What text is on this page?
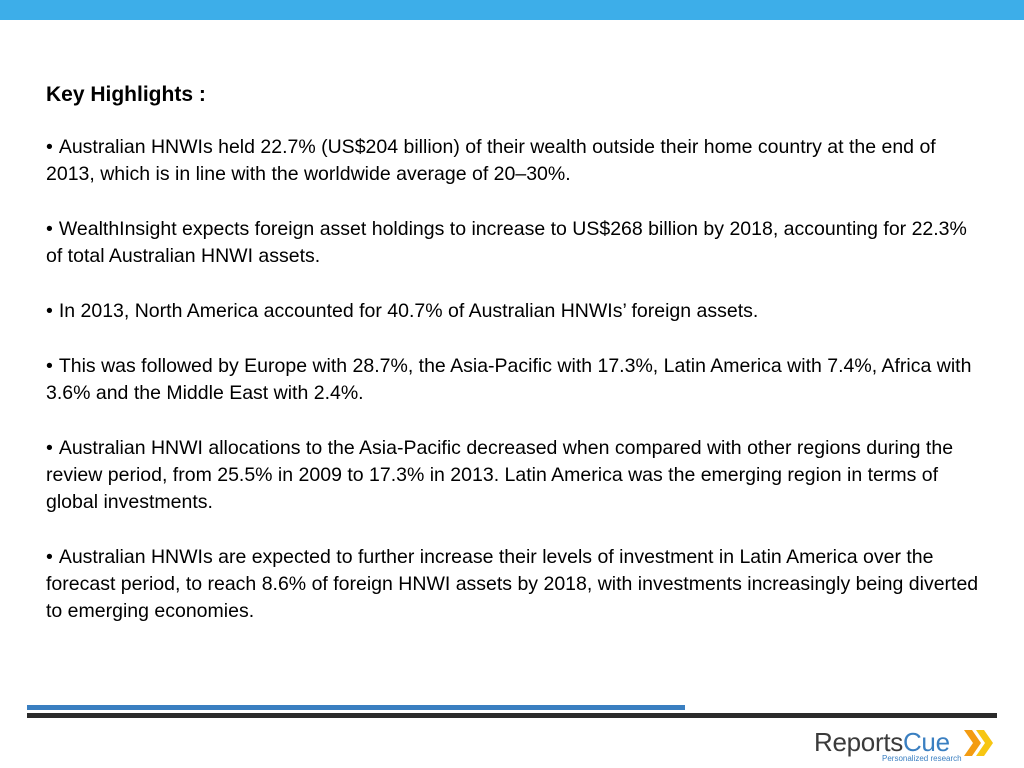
Key Highlights :
• Australian HNWIs held 22.7% (US$204 billion) of their wealth outside their home country at the end of 2013, which is in line with the worldwide average of 20–30%.
• WealthInsight expects foreign asset holdings to increase to US$268 billion by 2018, accounting for 22.3% of total Australian HNWI assets.
• In 2013, North America accounted for 40.7% of Australian HNWIs’ foreign assets.
• This was followed by Europe with 28.7%, the Asia-Pacific with 17.3%, Latin America with 7.4%, Africa with 3.6% and the Middle East with 2.4%.
• Australian HNWI allocations to the Asia-Pacific decreased when compared with other regions during the review period, from 25.5% in 2009 to 17.3% in 2013. Latin America was the emerging region in terms of global investments.
• Australian HNWIs are expected to further increase their levels of investment in Latin America over the forecast period, to reach 8.6% of foreign HNWI assets by 2018, with investments increasingly being diverted to emerging economies.
ReportsCue
Personalized research
